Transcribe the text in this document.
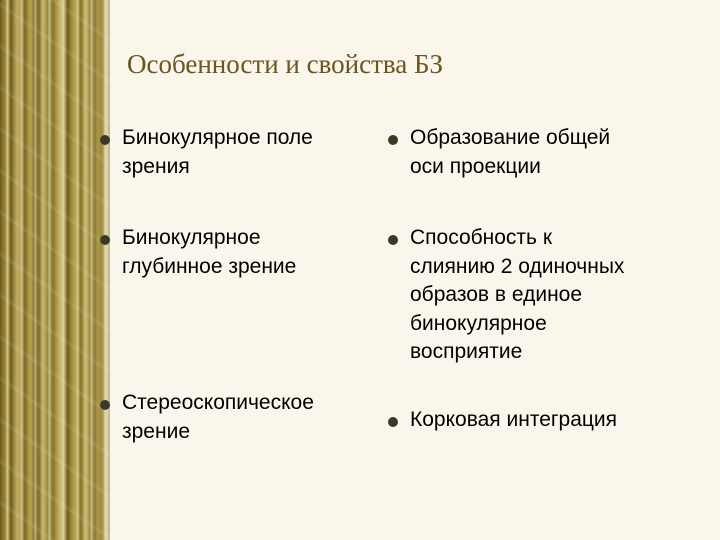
Особенности и свойства БЗ
Бинокулярное поле
зрения
Бинокулярное
глубинное зрение
Стереоскопическое
зрение
Образование общей
оси проекции
Способность к
слиянию 2 одиночных
образов в единое
бинокулярное
восприятие
Корковая интеграция
